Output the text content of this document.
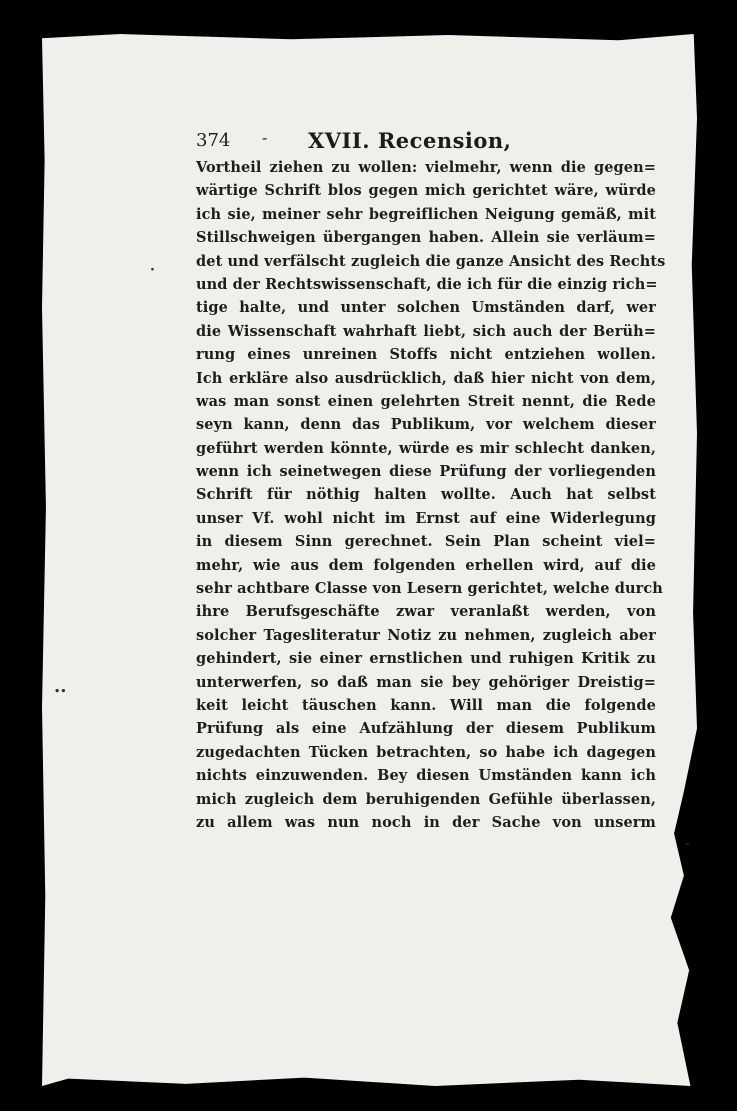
374 - XVII. Recension,
·
..
˘
Vortheil ziehen zu wollen: vielmehr, wenn die gegen=
wärtige Schrift blos gegen mich gerichtet wäre, würde
ich sie, meiner sehr begreiflichen Neigung gemäß, mit
Stillschweigen übergangen haben. Allein sie verläum=
det und verfälscht zugleich die ganze Ansicht des Rechts
und der Rechtswissenschaft, die ich für die einzig rich=
tige halte, und unter solchen Umständen darf, wer
die Wissenschaft wahrhaft liebt, sich auch der Berüh=
rung eines unreinen Stoffs nicht entziehen wollen.
Ich erkläre also ausdrücklich, daß hier nicht von dem,
was man sonst einen gelehrten Streit nennt, die Rede
seyn kann, denn das Publikum, vor welchem dieser
geführt werden könnte, würde es mir schlecht danken,
wenn ich seinetwegen diese Prüfung der vorliegenden
Schrift für nöthig halten wollte. Auch hat selbst
unser Vf. wohl nicht im Ernst auf eine Widerlegung
in diesem Sinn gerechnet. Sein Plan scheint viel=
mehr, wie aus dem folgenden erhellen wird, auf die
sehr achtbare Classe von Lesern gerichtet, welche durch
ihre Berufsgeschäfte zwar veranlaßt werden, von
solcher Tagesliteratur Notiz zu nehmen, zugleich aber
gehindert, sie einer ernstlichen und ruhigen Kritik zu
unterwerfen, so daß man sie bey gehöriger Dreistig=
keit leicht täuschen kann. Will man die folgende
Prüfung als eine Aufzählung der diesem Publikum
zugedachten Tücken betrachten, so habe ich dagegen
nichts einzuwenden. Bey diesen Umständen kann ich
mich zugleich dem beruhigenden Gefühle überlassen,
zu allem was nun noch in der Sache von unserm
